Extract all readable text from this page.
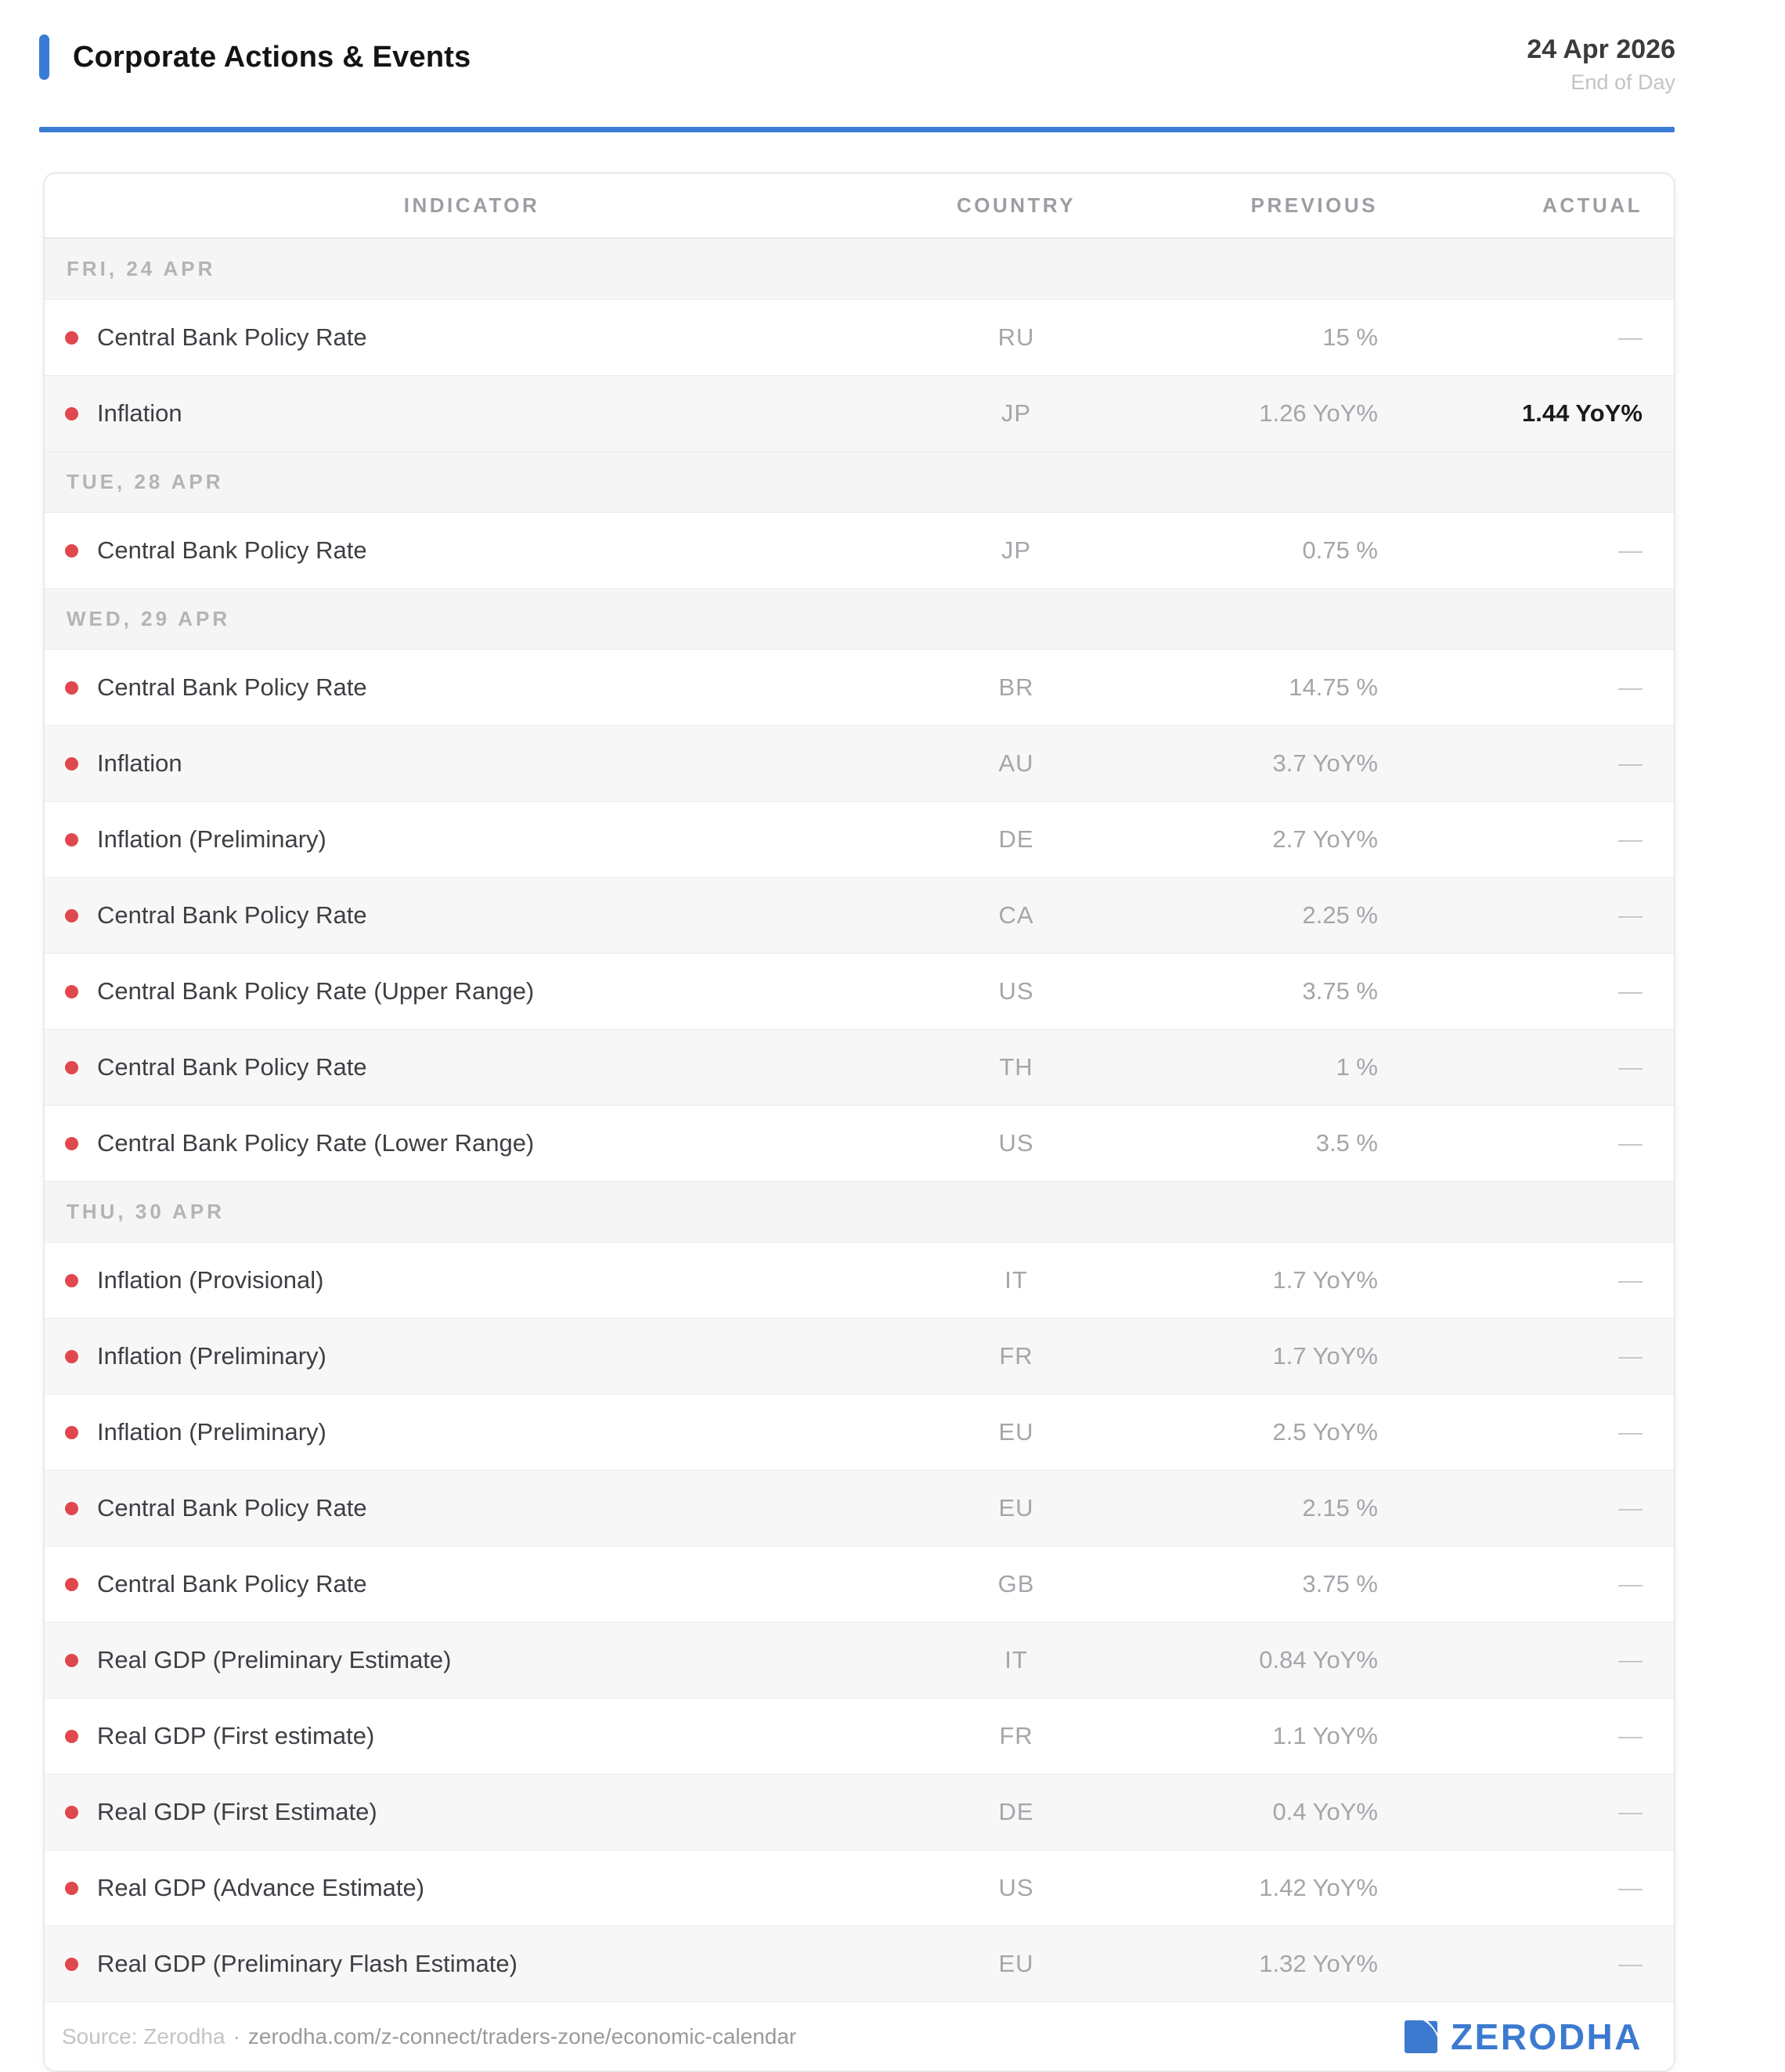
Corporate Actions & Events	24 Apr 2026
End of Day
INDICATOR	COUNTRY	PREVIOUS	ACTUAL
FRI, 24 APR
Central Bank Policy Rate	RU	15 %	—
Inflation	JP	1.26 YoY%	1.44 YoY%
TUE, 28 APR
Central Bank Policy Rate	JP	0.75 %	—
WED, 29 APR
Central Bank Policy Rate	BR	14.75 %	—
Inflation	AU	3.7 YoY%	—
Inflation (Preliminary)	DE	2.7 YoY%	—
Central Bank Policy Rate	CA	2.25 %	—
Central Bank Policy Rate (Upper Range)	US	3.75 %	—
Central Bank Policy Rate	TH	1 %	—
Central Bank Policy Rate (Lower Range)	US	3.5 %	—
THU, 30 APR
Inflation (Provisional)	IT	1.7 YoY%	—
Inflation (Preliminary)	FR	1.7 YoY%	—
Inflation (Preliminary)	EU	2.5 YoY%	—
Central Bank Policy Rate	EU	2.15 %	—
Central Bank Policy Rate	GB	3.75 %	—
Real GDP (Preliminary Estimate)	IT	0.84 YoY%	—
Real GDP (First estimate)	FR	1.1 YoY%	—
Real GDP (First Estimate)	DE	0.4 YoY%	—
Real GDP (Advance Estimate)	US	1.42 YoY%	—
Real GDP (Preliminary Flash Estimate)	EU	1.32 YoY%	—
Source: Zerodha · zerodha.com/z-connect/traders-zone/economic-calendar	ZERODHA
